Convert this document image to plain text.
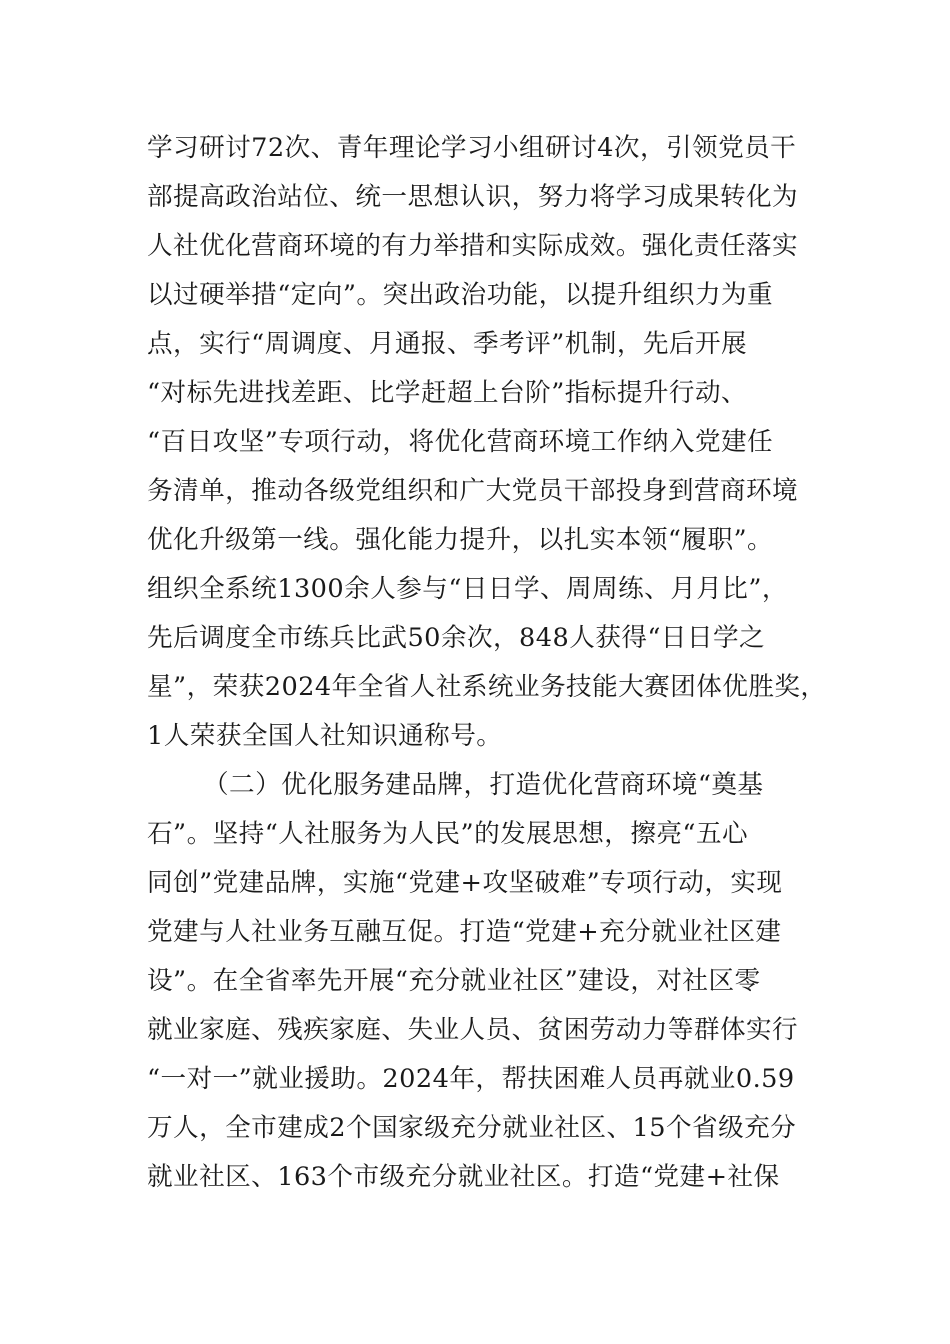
学习研讨72次、青年理论学习小组研讨4次，引领党员干
部提高政治站位、统一思想认识，努力将学习成果转化为
人社优化营商环境的有力举措和实际成效。强化责任落实
以过硬举措“定向”。突出政治功能，以提升组织力为重
点，实行“周调度、月通报、季考评”机制，先后开展
“对标先进找差距、比学赶超上台阶”指标提升行动、
“百日攻坚”专项行动，将优化营商环境工作纳入党建任
务清单，推动各级党组织和广大党员干部投身到营商环境
优化升级第一线。强化能力提升，以扎实本领“履职”。
组织全系统1300余人参与“日日学、周周练、月月比”，
先后调度全市练兵比武50余次，848人获得“日日学之
星”，荣获2024年全省人社系统业务技能大赛团体优胜奖，
1人荣获全国人社知识通称号。
（二）优化服务建品牌，打造优化营商环境“奠基
石”。坚持“人社服务为人民”的发展思想，擦亮“五心
同创”党建品牌，实施“党建+攻坚破难”专项行动，实现
党建与人社业务互融互促。打造“党建+充分就业社区建
设”。在全省率先开展“充分就业社区”建设，对社区零
就业家庭、残疾家庭、失业人员、贫困劳动力等群体实行
“一对一”就业援助。2024年，帮扶困难人员再就业0.59
万人，全市建成2个国家级充分就业社区、15个省级充分
就业社区、163个市级充分就业社区。打造“党建+社保
